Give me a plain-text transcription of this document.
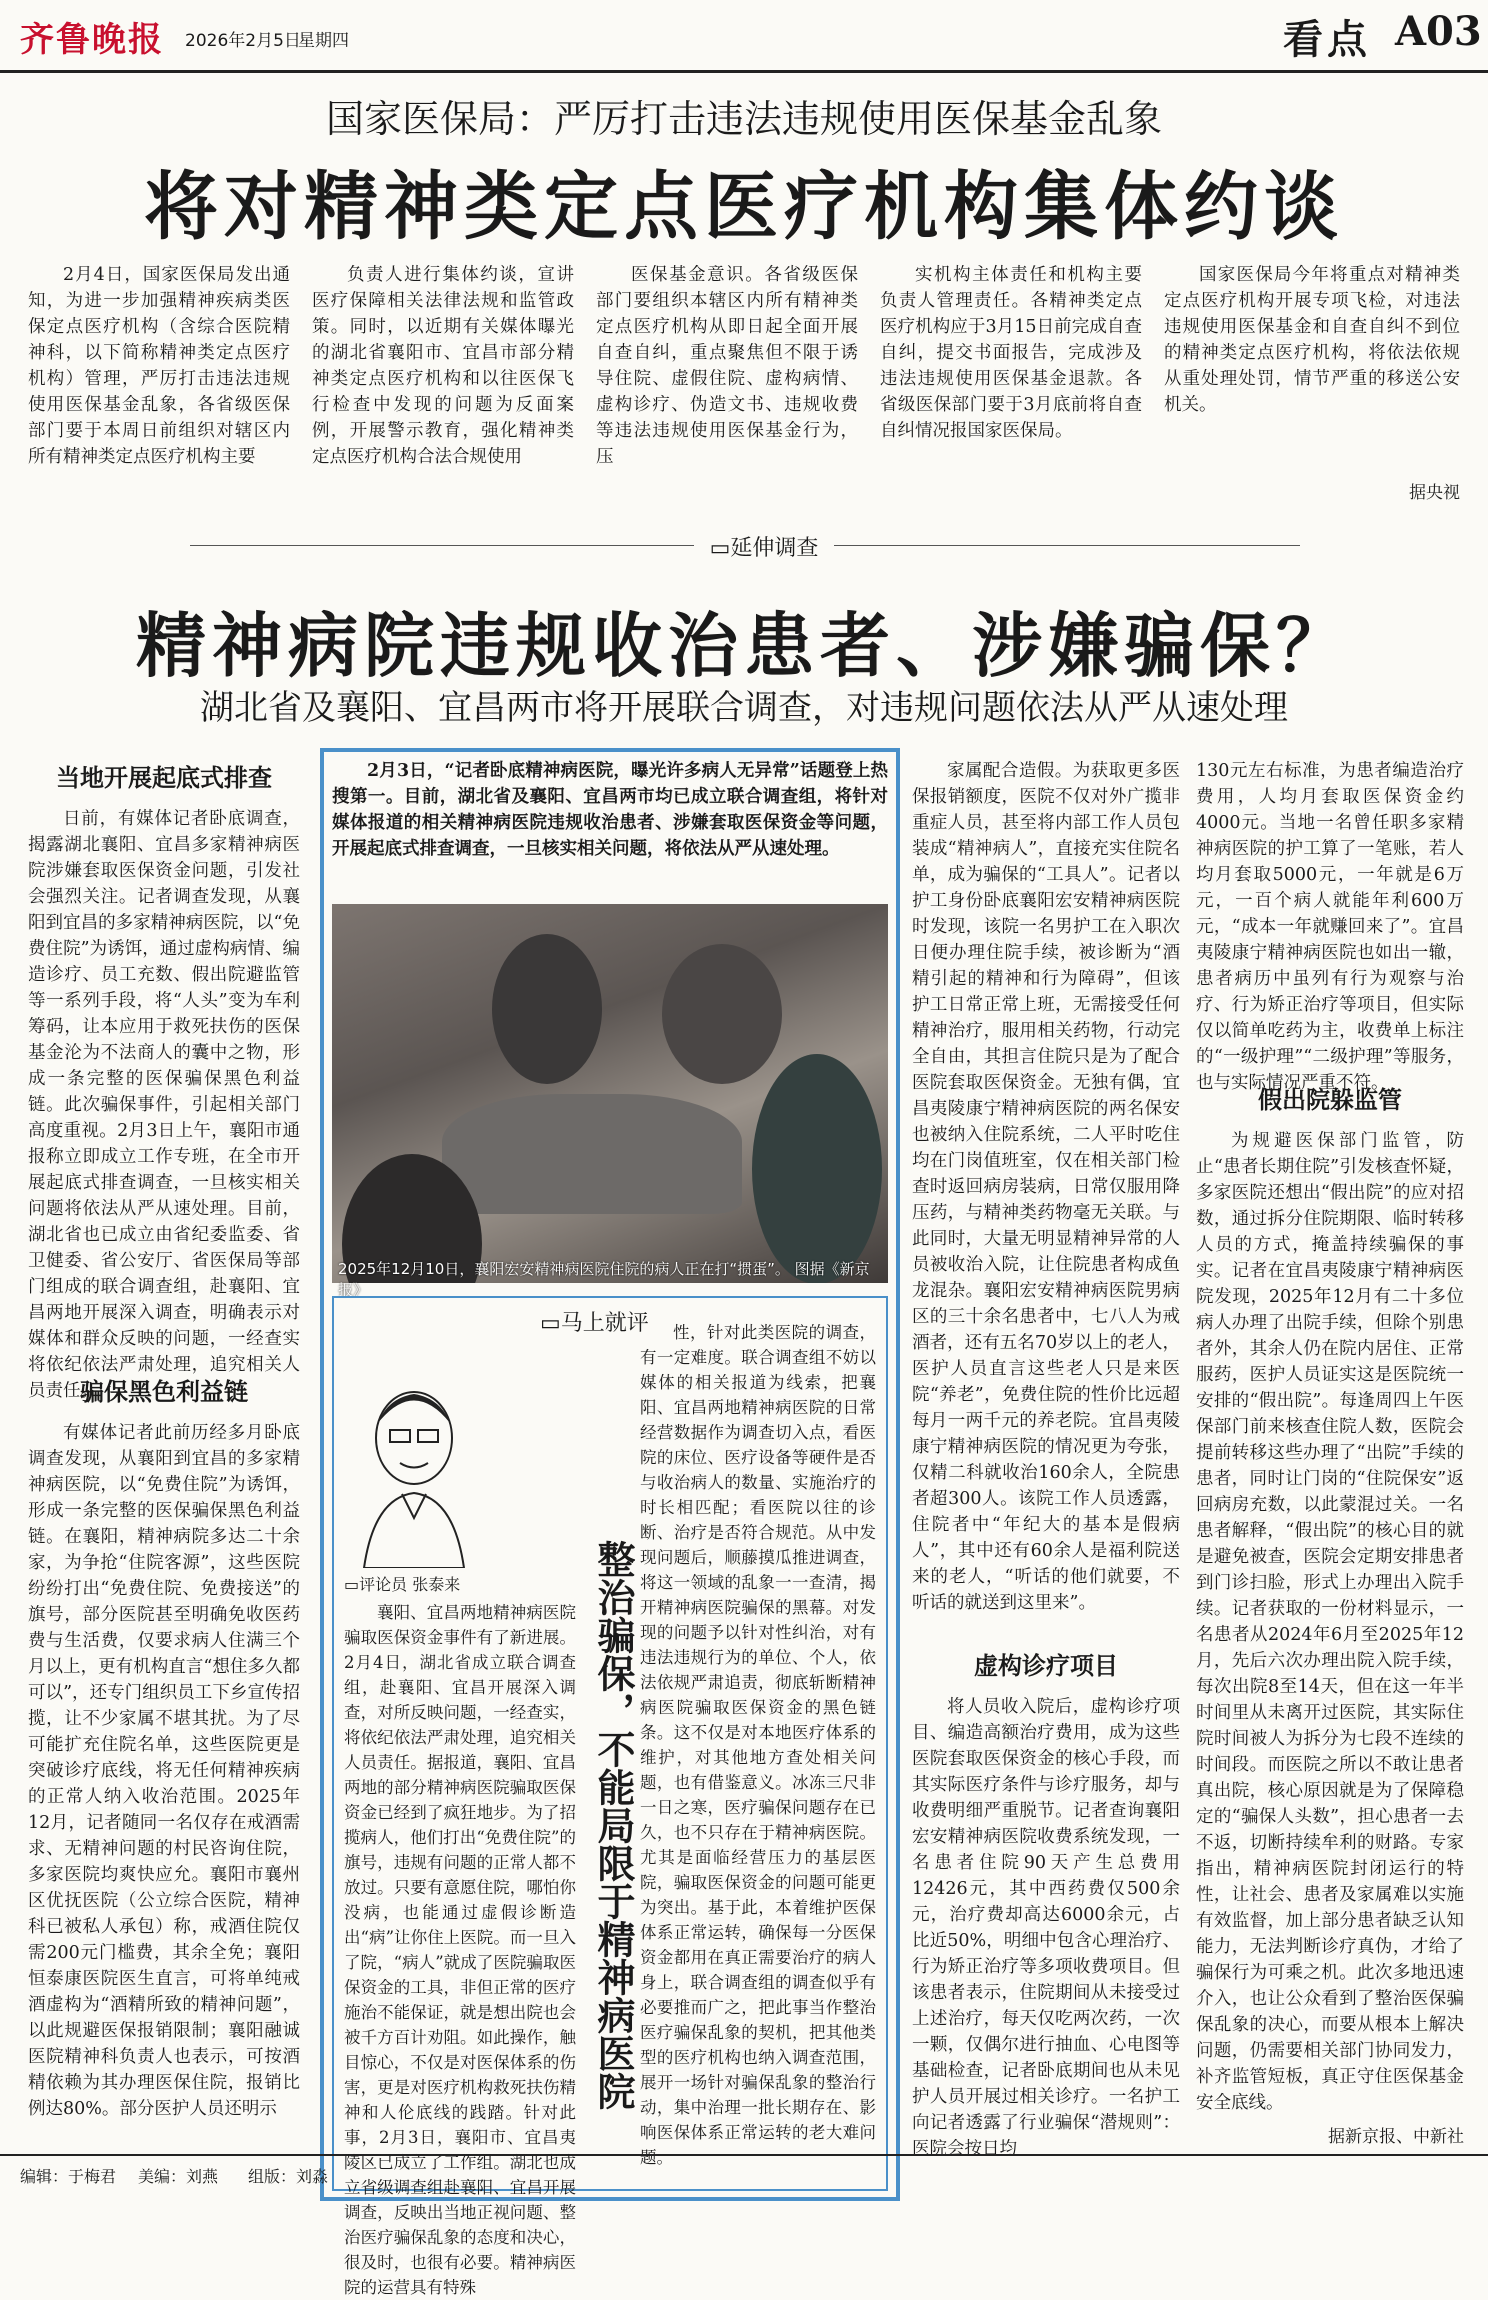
齐鲁晚报 2026年2月5日
星期四	看点 A03
国家医保局：严厉打击违法违规使用医保基金乱象
将对精神类定点医疗机构集体约谈

2月4日，国家医保局发出通知，为进一步加强精神疾病类医保定点医疗机构（含综合医院精神科，以下简称精神类定点医疗机构）管理，严厉打击违法违规使用医保基金乱象，各省级医保部门要于本周日前组织对辖区内所有精神类定点医疗机构主要

负责人进行集体约谈，宣讲医疗保障相关法律法规和监管政策。同时，以近期有关媒体曝光的湖北省襄阳市、宜昌市部分精神类定点医疗机构和以往医保飞行检查中发现的问题为反面案例，开展警示教育，强化精神类定点医疗机构合法合规使用

医保基金意识。各省级医保部门要组织本辖区内所有精神类定点医疗机构从即日起全面开展自查自纠，重点聚焦但不限于诱导住院、虚假住院、虚构病情、虚构诊疗、伪造文书、违规收费等违法违规使用医保基金行为，压

实机构主体责任和机构主要负责人管理责任。各精神类定点医疗机构应于3月15日前完成自查自纠，提交书面报告，完成涉及违法违规使用医保基金退款。各省级医保部门要于3月底前将自查自纠情况报国家医保局。

国家医保局今年将重点对精神类定点医疗机构开展专项飞检，对违法违规使用医保基金和自查自纠不到位的精神类定点医疗机构，将依法依规从重处理处罚，情节严重的移送公安机关。

据央视
▭延伸调查
精神病院违规收治患者、涉嫌骗保？
湖北省及襄阳、宜昌两市将开展联合调查，对违规问题依法从严从速处理
当地开展起底式排查

日前，有媒体记者卧底调查，揭露湖北襄阳、宜昌多家精神病医院涉嫌套取医保资金问题，引发社会强烈关注。记者调查发现，从襄阳到宜昌的多家精神病医院，以“免费住院”为诱饵，通过虚构病情、编造诊疗、员工充数、假出院避监管等一系列手段，将“人头”变为车利筹码，让本应用于救死扶伤的医保基金沦为不法商人的囊中之物，形成一条完整的医保骗保黑色利益链。此次骗保事件，引起相关部门高度重视。2月3日上午，襄阳市通报称立即成立工作专班，在全市开展起底式排查调查，一旦核实相关问题将依法从严从速处理。目前，湖北省也已成立由省纪委监委、省卫健委、省公安厅、省医保局等部门组成的联合调查组，赴襄阳、宜昌两地开展深入调查，明确表示对媒体和群众反映的问题，一经查实将依纪依法严肃处理，追究相关人员责任。

骗保黑色利益链

有媒体记者此前历经多月卧底调查发现，从襄阳到宜昌的多家精神病医院，以“免费住院”为诱饵，形成一条完整的医保骗保黑色利益链。在襄阳，精神病院多达二十余家，为争抢“住院客源”，这些医院纷纷打出“免费住院、免费接送”的旗号，部分医院甚至明确免收医药费与生活费，仅要求病人住满三个月以上，更有机构直言“想住多久都可以”，还专门组织员工下乡宣传招揽，让不少家属不堪其扰。为了尽可能扩充住院名单，这些医院更是突破诊疗底线，将无任何精神疾病的正常人纳入收治范围。2025年12月，记者随同一名仅存在戒酒需求、无精神问题的村民咨询住院，多家医院均爽快应允。襄阳市襄州区优抚医院（公立综合医院，精神科已被私人承包）称，戒酒住院仅需200元门槛费，其余全免；襄阳恒泰康医院医生直言，可将单纯戒酒虚构为“酒精所致的精神问题”，以此规避医保报销限制；襄阳融诚医院精神科负责人也表示，可按酒精依赖为其办理医保住院，报销比例达80%。部分医护人员还明示

2月3日，“记者卧底精神病医院，曝光许多病人无异常”话题登上热搜第一。目前，湖北省及襄阳、宜昌两市均已成立联合调查组，将针对媒体报道的相关精神病医院违规收治患者、涉嫌套取医保资金等问题，开展起底式排查调查，一旦核实相关问题，将依法从严从速处理。

2025年12月10日，襄阳宏安精神病医院住院的病人正在打“掼蛋”。 图据《新京报》
▭马上就评
▭评论员 张泰来	整治骗保，不能局限于精神病医院

襄阳、宜昌两地精神病医院骗取医保资金事件有了新进展。2月4日，湖北省成立联合调查组，赴襄阳、宜昌开展深入调查，对所反映问题，一经查实，将依纪依法严肃处理，追究相关人员责任。据报道，襄阳、宜昌两地的部分精神病医院骗取医保资金已经到了疯狂地步。为了招揽病人，他们打出“免费住院”的旗号，违规有问题的正常人都不放过。只要有意愿住院，哪怕你没病，也能通过虚假诊断造出“病”让你住上医院。而一旦入了院，“病人”就成了医院骗取医保资金的工具，非但正常的医疗施治不能保证，就是想出院也会被千方百计劝阻。如此操作，触目惊心，不仅是对医保体系的伤害，更是对医疗机构救死扶伤精神和人伦底线的践踏。针对此事，2月3日，襄阳市、宜昌夷陵区已成立了工作组。湖北也成立省级调查组赴襄阳、宜昌开展调查，反映出当地正视问题、整治医疗骗保乱象的态度和决心，很及时，也很有必要。精神病医院的运营具有特殊

性，针对此类医院的调查，有一定难度。联合调查组不妨以媒体的相关报道为线索，把襄阳、宜昌两地精神病医院的日常经营数据作为调查切入点，看医院的床位、医疗设备等硬件是否与收治病人的数量、实施治疗的时长相匹配；看医院以往的诊断、治疗是否符合规范。从中发现问题后，顺藤摸瓜推进调查，将这一领域的乱象一一查清，揭开精神病医院骗保的黑幕。对发现的问题予以针对性纠治，对有违法违规行为的单位、个人，依法依规严肃追责，彻底斩断精神病医院骗取医保资金的黑色链条。这不仅是对本地医疗体系的维护，对其他地方查处相关问题，也有借鉴意义。冰冻三尺非一日之寒，医疗骗保问题存在已久，也不只存在于精神病医院。尤其是面临经营压力的基层医院，骗取医保资金的问题可能更为突出。基于此，本着维护医保体系正常运转，确保每一分医保资金都用在真正需要治疗的病人身上，联合调查组的调查似乎有必要推而广之，把此事当作整治医疗骗保乱象的契机，把其他类型的医疗机构也纳入调查范围，展开一场针对骗保乱象的整治行动，集中治理一批长期存在、影响医保体系正常运转的老大难问题。

家属配合造假。为获取更多医保报销额度，医院不仅对外广揽非重症人员，甚至将内部工作人员包装成“精神病人”，直接充实住院名单，成为骗保的“工具人”。记者以护工身份卧底襄阳宏安精神病医院时发现，该院一名男护工在入职次日便办理住院手续，被诊断为“酒精引起的精神和行为障碍”，但该护工日常正常上班，无需接受任何精神治疗，服用相关药物，行动完全自由，其担言住院只是为了配合医院套取医保资金。无独有偶，宜昌夷陵康宁精神病医院的两名保安也被纳入住院系统，二人平时吃住均在门岗值班室，仅在相关部门检查时返回病房装病，日常仅服用降压药，与精神类药物毫无关联。与此同时，大量无明显精神异常的人员被收治入院，让住院患者构成鱼龙混杂。襄阳宏安精神病医院男病区的三十余名患者中，七八人为戒酒者，还有五名70岁以上的老人，医护人员直言这些老人只是来医院“养老”，免费住院的性价比远超每月一两千元的养老院。宜昌夷陵康宁精神病医院的情况更为夸张，仅精二科就收治160余人，全院患者超300人。该院工作人员透露，住院者中“年纪大的基本是假病人”，其中还有60余人是福利院送来的老人，“听话的他们就要，不听话的就送到这里来”。

虚构诊疗项目

将人员收入院后，虚构诊疗项目、编造高额治疗费用，成为这些医院套取医保资金的核心手段，而其实际医疗条件与诊疗服务，却与收费明细严重脱节。记者查询襄阳宏安精神病医院收费系统发现，一名患者住院90天产生总费用12426元，其中西药费仅500余元，治疗费却高达6000余元，占比近50%，明细中包含心理治疗、行为矫正治疗等多项收费项目。但该患者表示，住院期间从未接受过上述治疗，每天仅吃两次药，一次一颗，仅偶尔进行抽血、心电图等基础检查，记者卧底期间也从未见护人员开展过相关诊疗。一名护工向记者透露了行业骗保“潜规则”：医院会按日均

130元左右标准，为患者编造治疗费用，人均月套取医保资金约4000元。当地一名曾任职多家精神病医院的护工算了一笔账，若人均月套取5000元，一年就是6万元，一百个病人就能年利600万元，“成本一年就赚回来了”。宜昌夷陵康宁精神病医院也如出一辙，患者病历中虽列有行为观察与治疗、行为矫正治疗等项目，但实际仅以简单吃药为主，收费单上标注的“一级护理”“二级护理”等服务，也与实际情况严重不符。

假出院躲监管

为规避医保部门监管，防止“患者长期住院”引发核查怀疑，多家医院还想出“假出院”的应对招数，通过拆分住院期限、临时转移人员的方式，掩盖持续骗保的事实。记者在宜昌夷陵康宁精神病医院发现，2025年12月有二十多位病人办理了出院手续，但除个别患者外，其余人仍在院内居住、正常服药，医护人员证实这是医院统一安排的“假出院”。每逢周四上午医保部门前来核查住院人数，医院会提前转移这些办理了“出院”手续的患者，同时让门岗的“住院保安”返回病房充数，以此蒙混过关。一名患者解释，“假出院”的核心目的就是避免被查，医院会定期安排患者到门诊扫脸，形式上办理出入院手续。记者获取的一份材料显示，一名患者从2024年6月至2025年12月，先后六次办理出院入院手续，每次出院8至14天，但在这一年半时间里从未离开过医院，其实际住院时间被人为拆分为七段不连续的时间段。而医院之所以不敢让患者真出院，核心原因就是为了保障稳定的“骗保人头数”，担心患者一去不返，切断持续牟利的财路。专家指出，精神病医院封闭运行的特性，让社会、患者及家属难以实施有效监督，加上部分患者缺乏认知能力，无法判断诊疗真伪，才给了骗保行为可乘之机。此次多地迅速介入，也让公众看到了整治医保骗保乱象的决心，而要从根本上解决问题，仍需要相关部门协同发力，补齐监管短板，真正守住医保基金安全底线。

据新京报、中新社
编辑：于梅君 美编：刘燕 组版：刘淼
